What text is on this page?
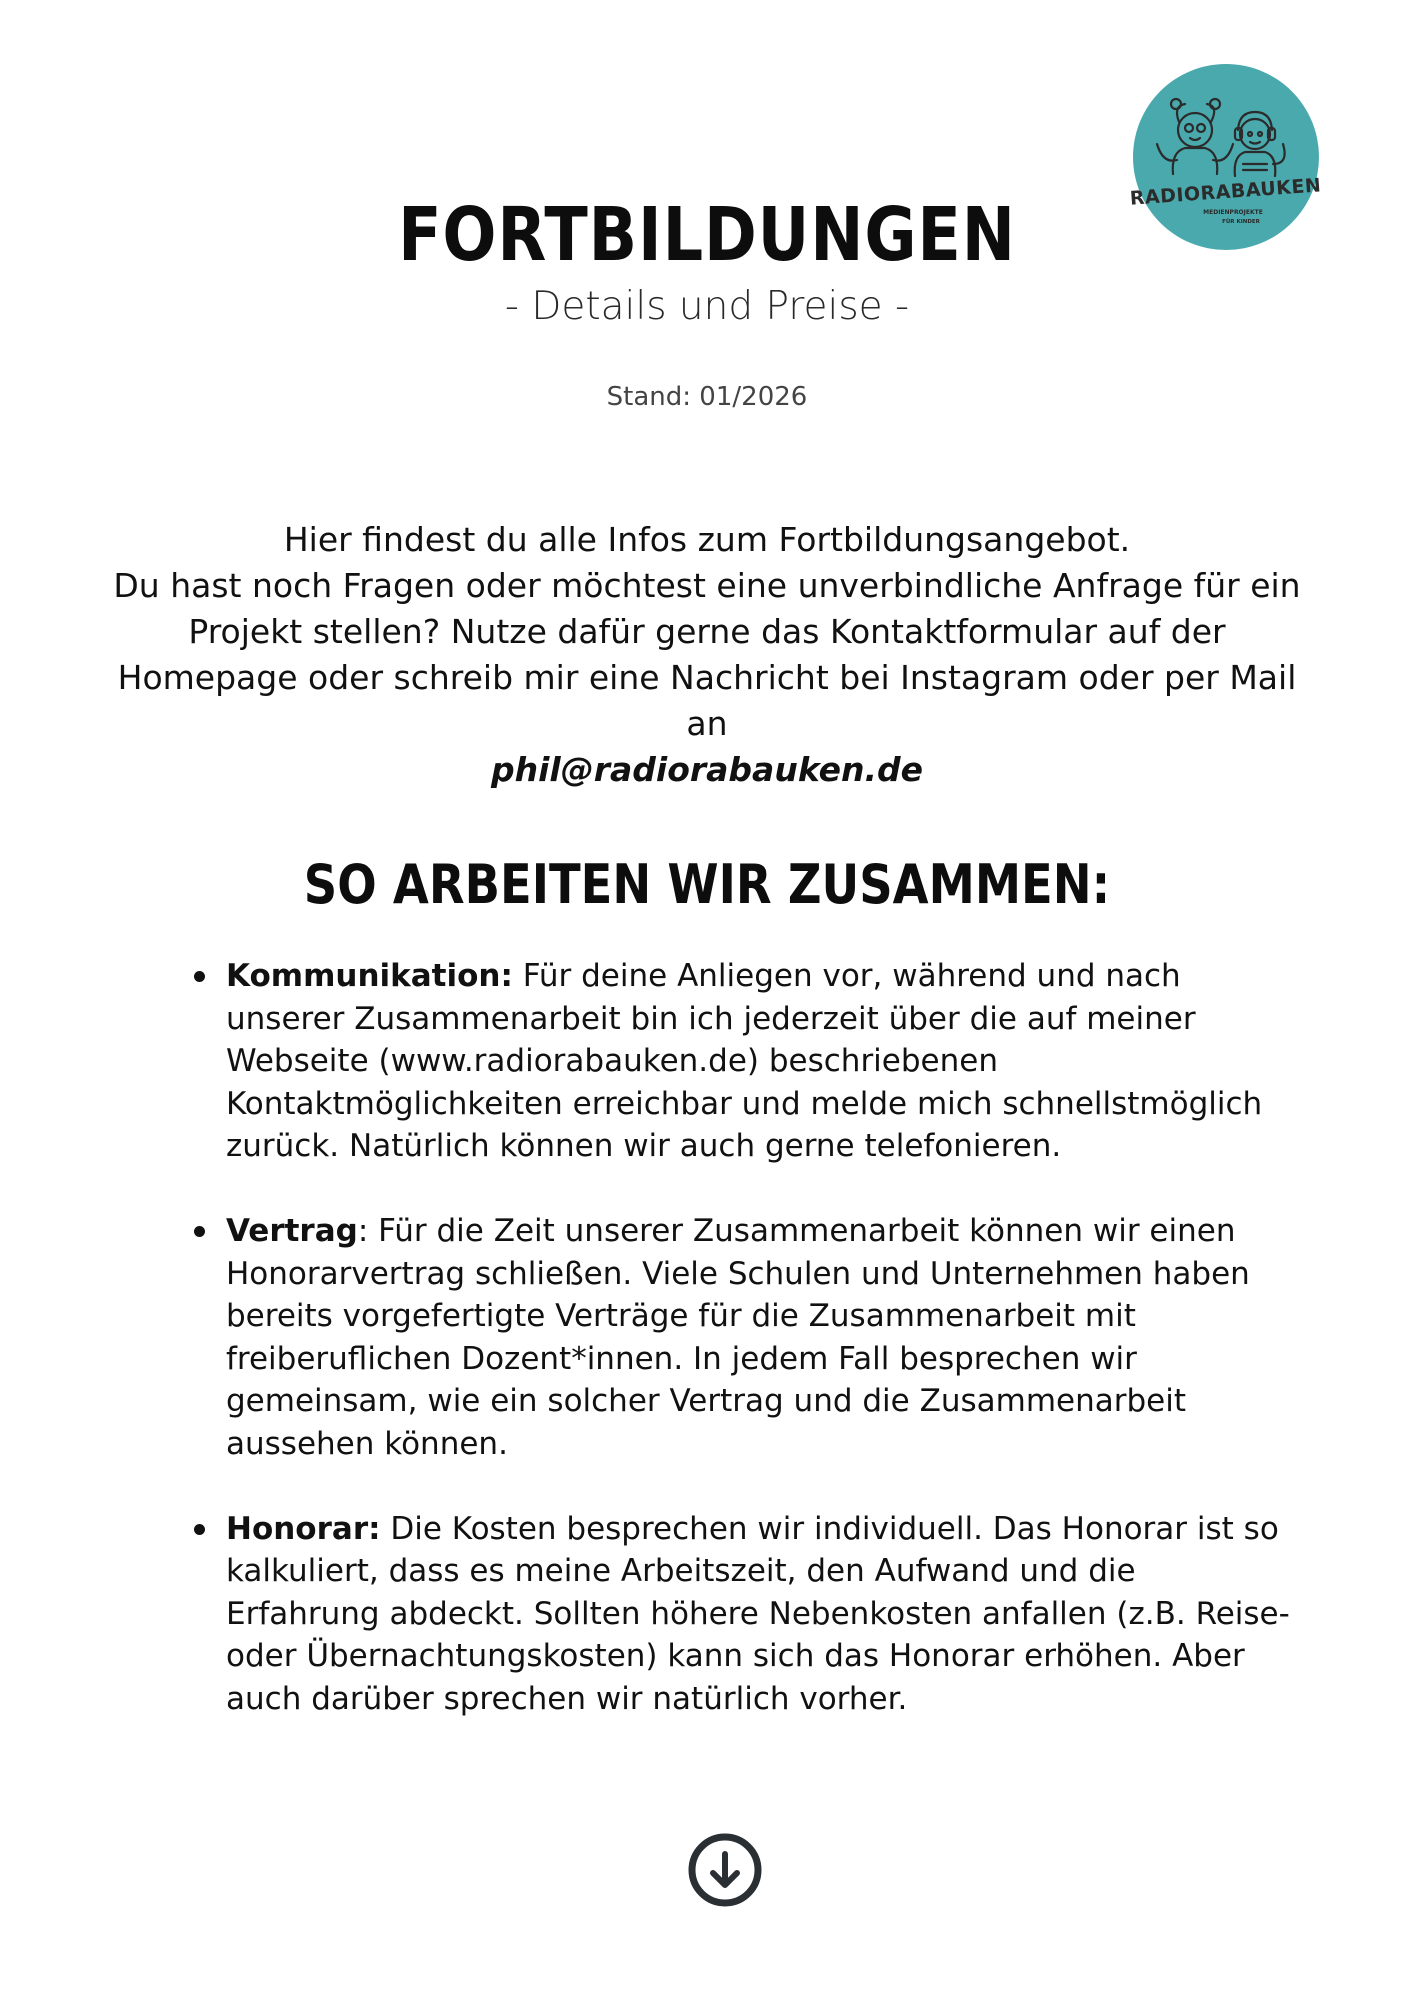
RADIORABAUKEN
MEDIENPROJEKTE
FÜR KINDER
FORTBILDUNGEN

- Details und Preise -

Stand: 01/2026

Hier findest du alle Infos zum Fortbildungsangebot.
Du hast noch Fragen oder möchtest eine unverbindliche Anfrage für ein Projekt stellen? Nutze dafür gerne das Kontaktformular auf der Homepage oder schreib mir eine Nachricht bei Instagram oder per Mail an
phil@radiorabauken.de
SO ARBEITEN WIR ZUSAMMEN:
Kommunikation: Für deine Anliegen vor, während und nach unserer Zusammenarbeit bin ich jederzeit über die auf meiner Webseite (www.radiorabauken.de) beschriebenen Kontaktmöglichkeiten erreichbar und melde mich schnellstmöglich zurück. Natürlich können wir auch gerne telefonieren.
Vertrag: Für die Zeit unserer Zusammenarbeit können wir einen Honorarvertrag schließen. Viele Schulen und Unternehmen haben bereits vorgefertigte Verträge für die Zusammenarbeit mit freiberuflichen Dozent*innen. In jedem Fall besprechen wir gemeinsam, wie ein solcher Vertrag und die Zusammenarbeit aussehen können.
Honorar: Die Kosten besprechen wir individuell. Das Honorar ist so kalkuliert, dass es meine Arbeitszeit, den Aufwand und die Erfahrung abdeckt. Sollten höhere Nebenkosten anfallen (z.B. Reise- oder Übernachtungskosten) kann sich das Honorar erhöhen. Aber auch darüber sprechen wir natürlich vorher.
